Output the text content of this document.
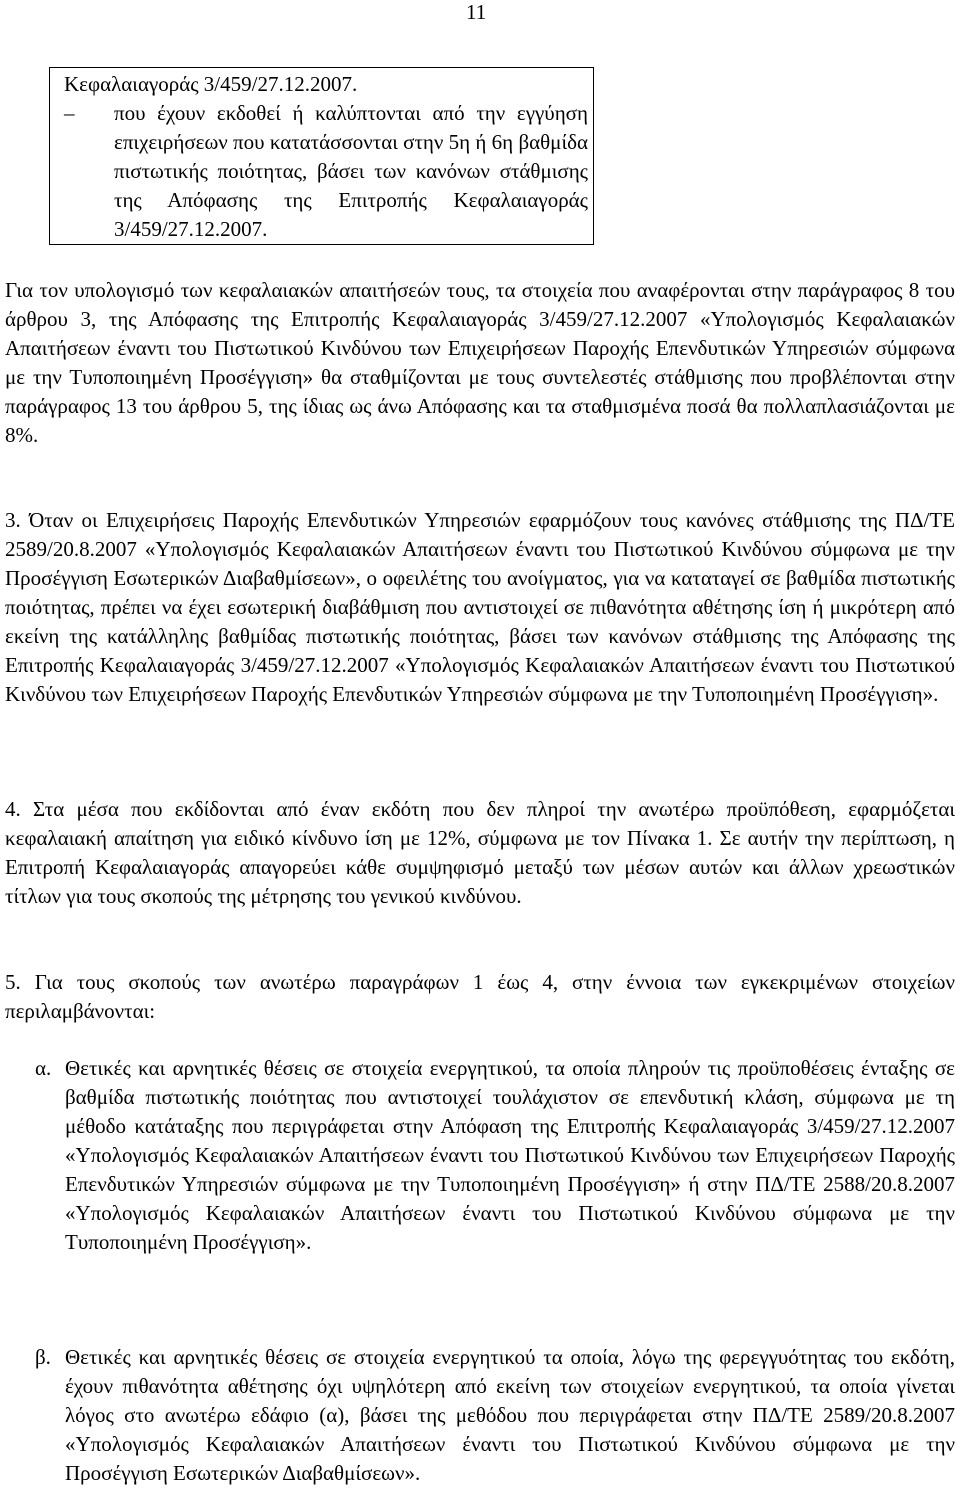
11
Κεφαλαιαγοράς 3/459/27.12.2007.
–	που έχουν εκδοθεί ή καλύπτονται από την εγγύηση επιχειρήσεων που κατατάσσονται στην 5η ή 6η βαθμίδα πιστωτικής ποιότητας, βάσει των κανόνων στάθμισης της Απόφασης της Επιτροπής Κεφαλαιαγοράς 3/459/27.12.2007.

Για τον υπολογισμό των κεφαλαιακών απαιτήσεών τους, τα στοιχεία που αναφέρονται στην παράγραφος 8 του άρθρου 3, της Απόφασης της Επιτροπής Κεφαλαιαγοράς 3/459/27.12.2007 «Υπολογισμός Κεφαλαιακών Απαιτήσεων έναντι του Πιστωτικού Κινδύνου των Επιχειρήσεων Παροχής Επενδυτικών Υπηρεσιών σύμφωνα με την Τυποποιημένη Προσέγγιση» θα σταθμίζονται με τους συντελεστές στάθμισης που προβλέπονται στην παράγραφος 13 του άρθρου 5, της ίδιας ως άνω Απόφασης και τα σταθμισμένα ποσά θα πολλαπλασιάζονται με 8%.
3. Όταν οι Επιχειρήσεις Παροχής Επενδυτικών Υπηρεσιών εφαρμόζουν τους κανόνες στάθμισης της ΠΔ/ΤΕ 2589/20.8.2007 «Υπολογισμός Κεφαλαιακών Απαιτήσεων έναντι του Πιστωτικού Κινδύνου σύμφωνα με την Προσέγγιση Εσωτερικών Διαβαθμίσεων», ο οφειλέτης του ανοίγματος, για να καταταγεί σε βαθμίδα πιστωτικής ποιότητας, πρέπει να έχει εσωτερική διαβάθμιση που αντιστοιχεί σε πιθανότητα αθέτησης ίση ή μικρότερη από εκείνη της κατάλληλης βαθμίδας πιστωτικής ποιότητας, βάσει των κανόνων στάθμισης της Απόφασης της Επιτροπής Κεφαλαιαγοράς 3/459/27.12.2007 «Υπολογισμός Κεφαλαιακών Απαιτήσεων έναντι του Πιστωτικού Κινδύνου των Επιχειρήσεων Παροχής Επενδυτικών Υπηρεσιών σύμφωνα με την Τυποποιημένη Προσέγγιση».
4. Στα μέσα που εκδίδονται από έναν εκδότη που δεν πληροί την ανωτέρω προϋπόθεση, εφαρμόζεται κεφαλαιακή απαίτηση για ειδικό κίνδυνο ίση με 12%, σύμφωνα με τον Πίνακα 1. Σε αυτήν την περίπτωση, η Επιτροπή Κεφαλαιαγοράς απαγορεύει κάθε συμψηφισμό μεταξύ των μέσων αυτών και άλλων χρεωστικών τίτλων για τους σκοπούς της μέτρησης του γενικού κινδύνου.
5. Για τους σκοπούς των ανωτέρω παραγράφων 1 έως 4, στην έννοια των εγκεκριμένων στοιχείων περιλαμβάνονται:
α. Θετικές και αρνητικές θέσεις σε στοιχεία ενεργητικού, τα οποία πληρούν τις προϋποθέσεις ένταξης σε βαθμίδα πιστωτικής ποιότητας που αντιστοιχεί τουλάχιστον σε επενδυτική κλάση, σύμφωνα με τη μέθοδο κατάταξης που περιγράφεται στην Απόφαση της Επιτροπής Κεφαλαιαγοράς 3/459/27.12.2007 «Υπολογισμός Κεφαλαιακών Απαιτήσεων έναντι του Πιστωτικού Κινδύνου των Επιχειρήσεων Παροχής Επενδυτικών Υπηρεσιών σύμφωνα με την Τυποποιημένη Προσέγγιση» ή στην ΠΔ/ΤΕ 2588/20.8.2007 «Υπολογισμός Κεφαλαιακών Απαιτήσεων έναντι του Πιστωτικού Κινδύνου σύμφωνα με την Τυποποιημένη Προσέγγιση».
β. Θετικές και αρνητικές θέσεις σε στοιχεία ενεργητικού τα οποία, λόγω της φερεγγυότητας του εκδότη, έχουν πιθανότητα αθέτησης όχι υψηλότερη από εκείνη των στοιχείων ενεργητικού, τα οποία γίνεται λόγος στο ανωτέρω εδάφιο (α), βάσει της μεθόδου που περιγράφεται στην ΠΔ/ΤΕ 2589/20.8.2007 «Υπολογισμός Κεφαλαιακών Απαιτήσεων έναντι του Πιστωτικού Κινδύνου σύμφωνα με την Προσέγγιση Εσωτερικών Διαβαθμίσεων».
